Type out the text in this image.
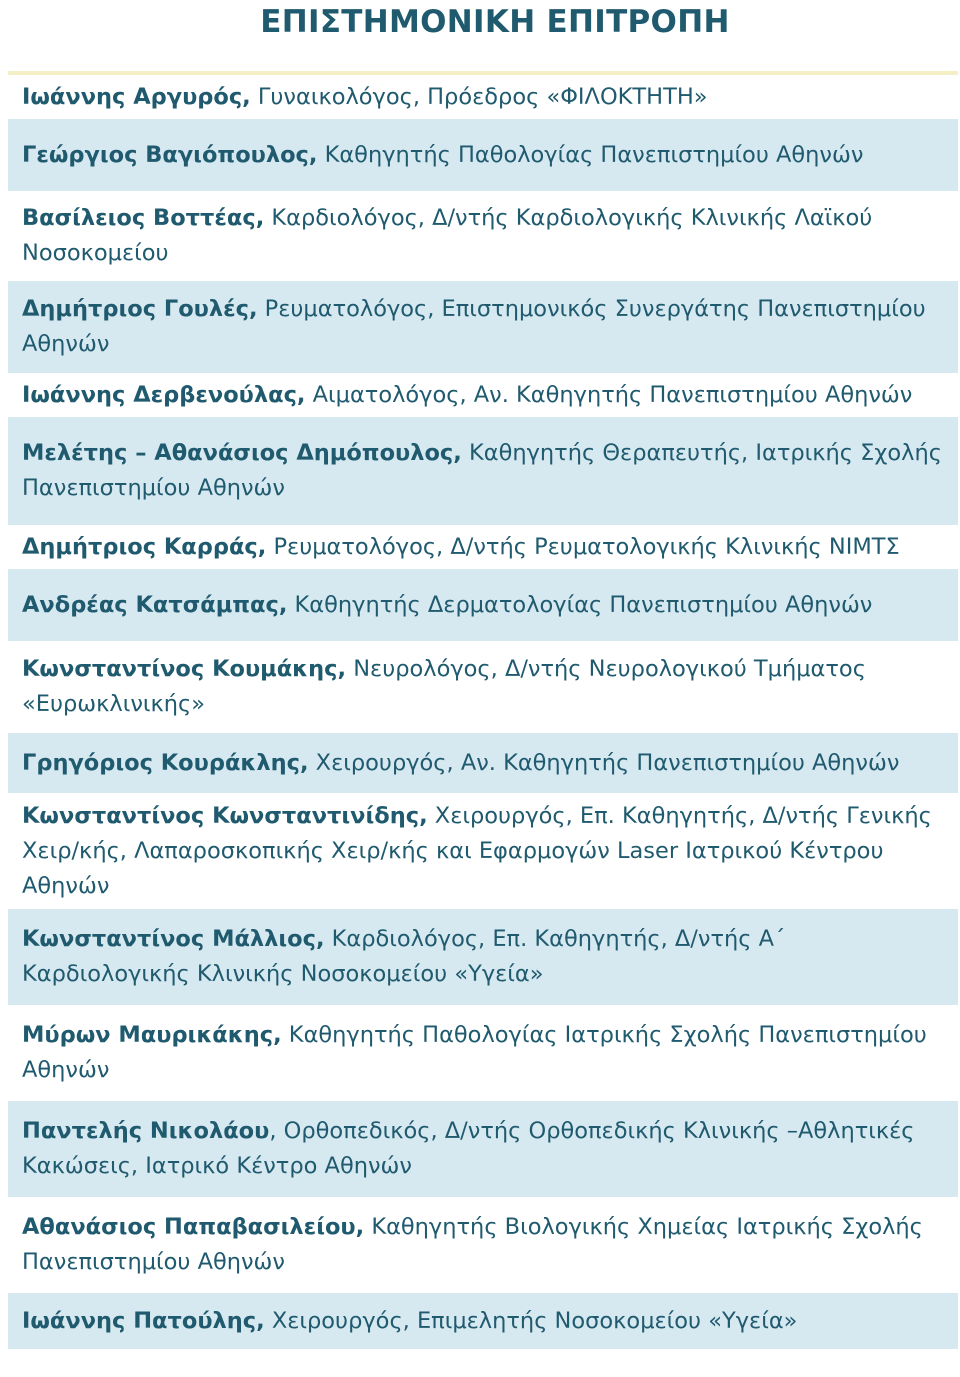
ΕΠΙΣΤΗΜΟΝΙΚΗ ΕΠΙΤΡΟΠΗ

Ιωάννης Αργυρός, Γυναικολόγος, Πρόεδρος «ΦΙΛΟΚΤΗΤΗ»

Γεώργιος Βαγιόπουλος, Καθηγητής Παθολογίας Πανεπιστημίου Αθηνών

Βασίλειος Βοττέας, Καρδιολόγος, Δ/ντής Καρδιολογικής Κλινικής Λαϊκού Νοσοκομείου

Δημήτριος Γουλές, Ρευματολόγος, Επιστημονικός Συνεργάτης Πανεπιστημίου Αθηνών

Ιωάννης Δερβενούλας, Αιματολόγος, Αν. Καθηγητής Πανεπιστημίου Αθηνών

Μελέτης – Αθανάσιος Δημόπουλος, Καθηγητής Θεραπευτής, Ιατρικής Σχολής Πανεπιστημίου Αθηνών

Δημήτριος Καρράς, Ρευματολόγος, Δ/ντής Ρευματολογικής Κλινικής ΝΙΜΤΣ

Ανδρέας Κατσάμπας, Καθηγητής Δερματολογίας Πανεπιστημίου Αθηνών

Κωνσταντίνος Κουμάκης, Νευρολόγος, Δ/ντής Νευρολογικού Τμήματος «Ευρωκλινικής»

Γρηγόριος Κουράκλης, Χειρουργός, Αν. Καθηγητής Πανεπιστημίου Αθηνών

Κωνσταντίνος Κωνσταντινίδης, Χειρουργός, Επ. Καθηγητής, Δ/ντής Γενικής Χειρ/κής, Λαπαροσκοπικής Χειρ/κής και Εφαρμογών Laser Ιατρικού Κέντρου Αθηνών

Κωνσταντίνος Μάλλιος, Καρδιολόγος, Επ. Καθηγητής, Δ/ντής Α΄ Καρδιολογικής Κλινικής Νοσοκομείου «Υγεία»

Μύρων Μαυρικάκης, Καθηγητής Παθολογίας Ιατρικής Σχολής Πανεπιστημίου Αθηνών

Παντελής Νικολάου, Ορθοπεδικός, Δ/ντής Ορθοπεδικής Κλινικής –Αθλητικές Κακώσεις, Ιατρικό Κέντρο Αθηνών

Αθανάσιος Παπαβασιλείου, Καθηγητής Βιολογικής Χημείας Ιατρικής Σχολής Πανεπιστημίου Αθηνών

Ιωάννης Πατούλης, Χειρουργός, Επιμελητής Νοσοκομείου «Υγεία»
